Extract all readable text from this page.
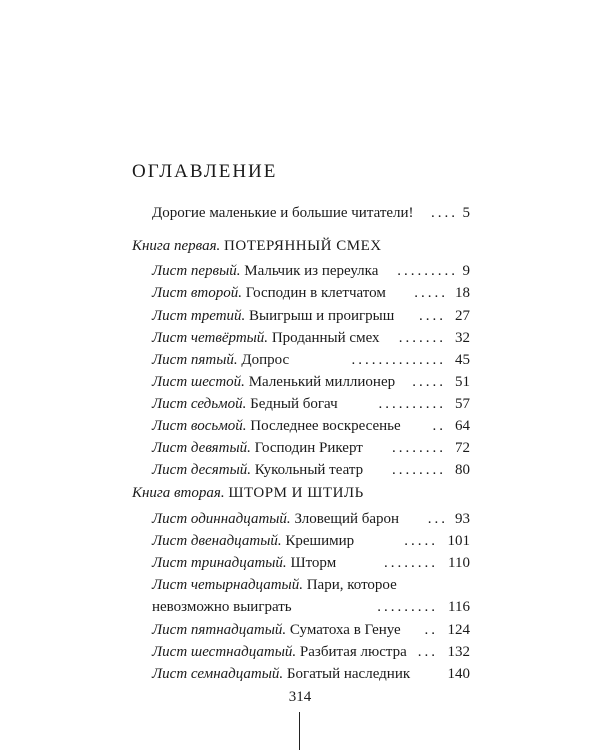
ОГЛАВЛЕНИЕ
Дорогие маленькие и большие читатели!	.... 5
Книга первая. ПОТЕРЯННЫЙ СМЕХ
Лист первый. Мальчик из переулка	......... 9
Лист второй. Господин в клетчатом	..... 18
Лист третий. Выигрыш и проигрыш	.... 27
Лист четвёртый. Проданный смех	....... 32
Лист пятый. Допрос	.............. 45
Лист шестой. Маленький миллионер	..... 51
Лист седьмой. Бедный богач	.......... 57
Лист восьмой. Последнее воскресенье	.. 64
Лист девятый. Господин Рикерт	........ 72
Лист десятый. Кукольный театр	........ 80
Книга вторая. ШТОРМ И ШТИЛЬ
Лист одиннадцатый. Зловещий барон	... 93
Лист двенадцатый. Крешимир	..... 101
Лист тринадцатый. Шторм	........ 110
Лист четырнадцатый. Пари, которое
невозможно выиграть	......... 116
Лист пятнадцатый. Суматоха в Генуе	.. 124
Лист шестнадцатый. Разбитая люстра ... 132
Лист семнадцатый. Богатый наследник 140
314
